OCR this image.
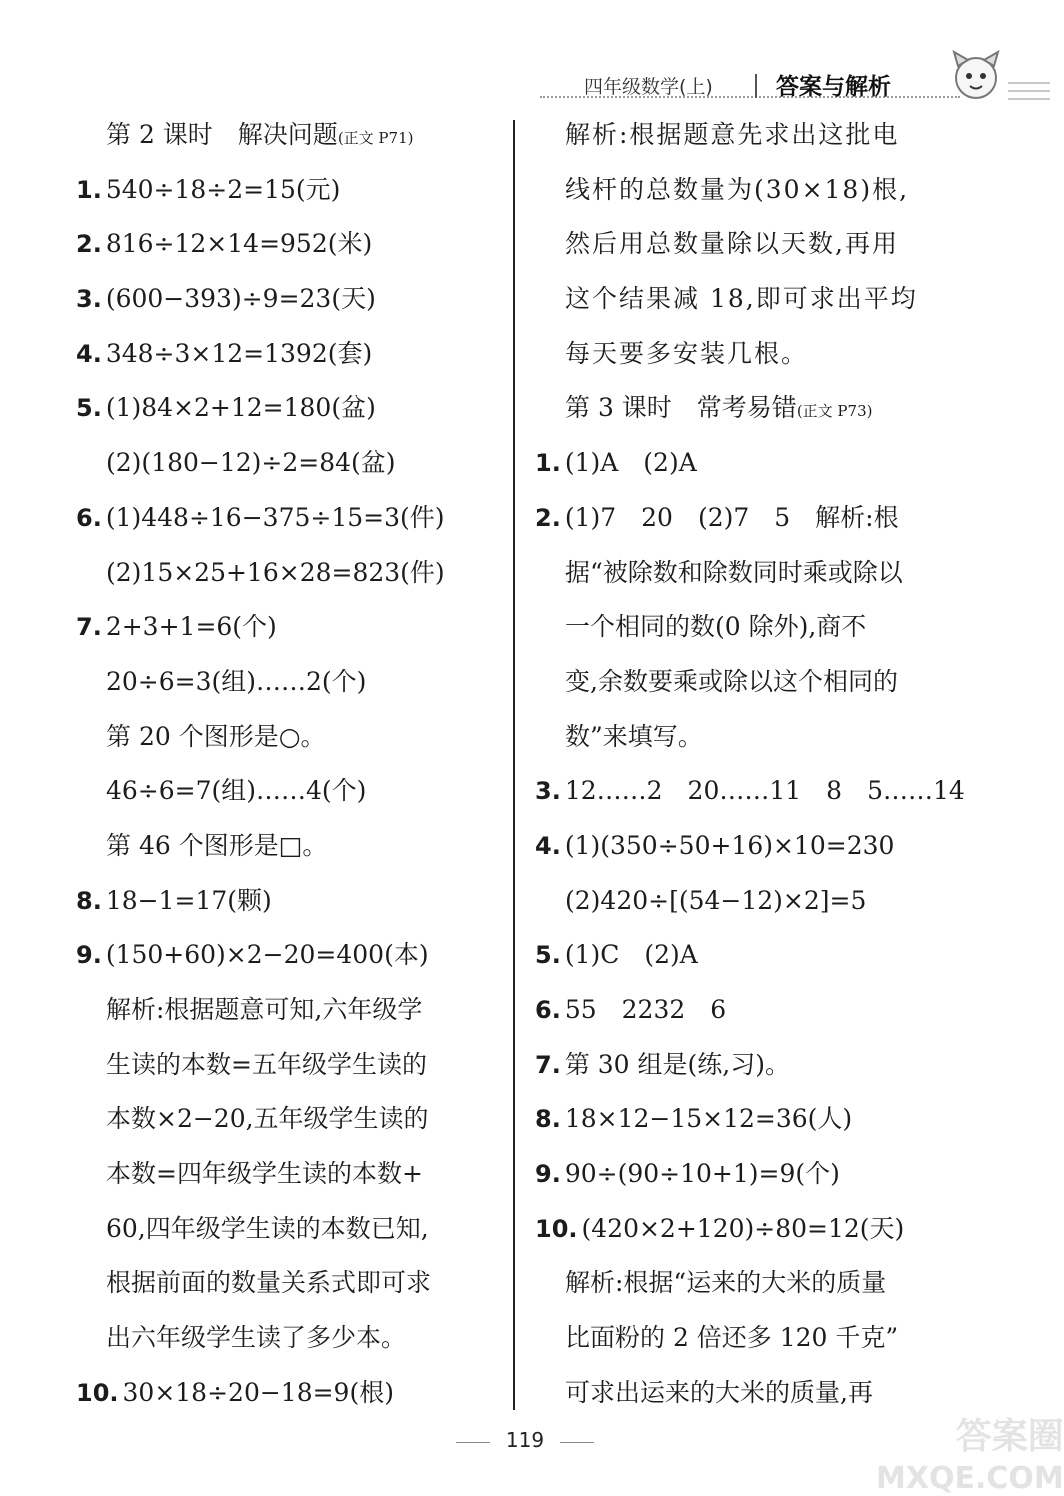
四年级数学(上)	答案与解析
第 2 课时　解决问题(正文 P71)
1. 540÷18÷2=15(元)
2. 816÷12×14=952(米)
3. (600−393)÷9=23(天)
4. 348÷3×12=1392(套)
5. (1)84×2+12=180(盆)
(2)(180−12)÷2=84(盆)
6. (1)448÷16−375÷15=3(件)
(2)15×25+16×28=823(件)
7. 2+3+1=6(个)
20÷6=3(组)……2(个)
第 20 个图形是○。
46÷6=7(组)……4(个)
第 46 个图形是□。
8. 18−1=17(颗)
9. (150+60)×2−20=400(本)
解析:根据题意可知,六年级学
生读的本数=五年级学生读的
本数×2−20,五年级学生读的
本数=四年级学生读的本数+
60,四年级学生读的本数已知,
根据前面的数量关系式即可求
出六年级学生读了多少本。
10. 30×18÷20−18=9(根)
解析:根据题意先求出这批电
线杆的总数量为(30×18)根,
然后用总数量除以天数,再用
这个结果减 18,即可求出平均
每天要多安装几根。
第 3 课时　常考易错(正文 P73)
1. (1)A　(2)A
2. (1)7　20　(2)7　5　解析:根
据“被除数和除数同时乘或除以
一个相同的数(0 除外),商不
变,余数要乘或除以这个相同的
数”来填写。
3. 12……2　20……11　8　5……14
4. (1)(350÷50+16)×10=230
(2)420÷[(54−12)×2]=5
5. (1)C　(2)A
6. 55　2232　6
7. 第 30 组是(练,习)。
8. 18×12−15×12=36(人)
9. 90÷(90÷10+1)=9(个)
10. (420×2+120)÷80=12(天)
解析:根据“运来的大米的质量
比面粉的 2 倍还多 120 千克”
可求出运来的大米的质量,再
119	答案圈
MXQE.COM
